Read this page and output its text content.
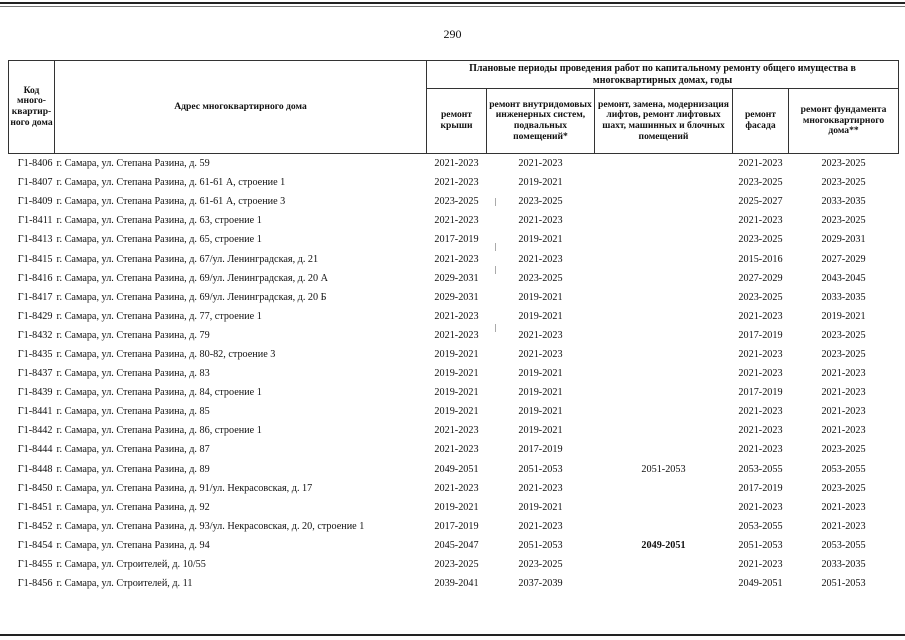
290
Код много-квартир-ного дома	Адрес многоквартирного дома	Плановые периоды проведения работ по капитальному ремонту общего имущества в многоквартирных домах, годы				
		ремонт крыши	ремонт внутридомовых инженерных систем, подвальных помещений*	ремонт, замена, модернизация лифтов, ремонт лифтовых шахт, машинных и блочных помещений	ремонт фасада	ремонт фундамента многоквартирного дома**
Г1-8406	г. Самара, ул. Степана Разина, д. 59	2021-2023	2021-2023		2021-2023	2023-2025
Г1-8407	г. Самара, ул. Степана Разина, д. 61-61 А, строение 1	2021-2023	2019-2021		2023-2025	2023-2025
Г1-8409	г. Самара, ул. Степана Разина, д. 61-61 А, строение 3	2023-2025	2023-2025		2025-2027	2033-2035
Г1-8411	г. Самара, ул. Степана Разина, д. 63, строение 1	2021-2023	2021-2023		2021-2023	2023-2025
Г1-8413	г. Самара, ул. Степана Разина, д. 65, строение 1	2017-2019	2019-2021		2023-2025	2029-2031
Г1-8415	г. Самара, ул. Степана Разина, д. 67/ул. Ленинградская, д. 21	2021-2023	2021-2023		2015-2016	2027-2029
Г1-8416	г. Самара, ул. Степана Разина, д. 69/ул. Ленинградская, д. 20 А	2029-2031	2023-2025		2027-2029	2043-2045
Г1-8417	г. Самара, ул. Степана Разина, д. 69/ул. Ленинградская, д. 20 Б	2029-2031	2019-2021		2023-2025	2033-2035
Г1-8429	г. Самара, ул. Степана Разина, д. 77, строение 1	2021-2023	2019-2021		2021-2023	2019-2021
Г1-8432	г. Самара, ул. Степана Разина, д. 79	2021-2023	2021-2023		2017-2019	2023-2025
Г1-8435	г. Самара, ул. Степана Разина, д. 80-82, строение 3	2019-2021	2021-2023		2021-2023	2023-2025
Г1-8437	г. Самара, ул. Степана Разина, д. 83	2019-2021	2019-2021		2021-2023	2021-2023
Г1-8439	г. Самара, ул. Степана Разина, д. 84, строение 1	2019-2021	2019-2021		2017-2019	2021-2023
Г1-8441	г. Самара, ул. Степана Разина, д. 85	2019-2021	2019-2021		2021-2023	2021-2023
Г1-8442	г. Самара, ул. Степана Разина, д. 86, строение 1	2021-2023	2019-2021		2021-2023	2021-2023
Г1-8444	г. Самара, ул. Степана Разина, д. 87	2021-2023	2017-2019		2021-2023	2023-2025
Г1-8448	г. Самара, ул. Степана Разина, д. 89	2049-2051	2051-2053	2051-2053	2053-2055	2053-2055
Г1-8450	г. Самара, ул. Степана Разина, д. 91/ул. Некрасовская, д. 17	2021-2023	2021-2023		2017-2019	2023-2025
Г1-8451	г. Самара, ул. Степана Разина, д. 92	2019-2021	2019-2021		2021-2023	2021-2023
Г1-8452	г. Самара, ул. Степана Разина, д. 93/ул. Некрасовская, д. 20, строение 1	2017-2019	2021-2023		2053-2055	2021-2023
Г1-8454	г. Самара, ул. Степана Разина, д. 94	2045-2047	2051-2053	2049-2051	2051-2053	2053-2055
Г1-8455	г. Самара, ул. Строителей, д. 10/55	2023-2025	2023-2025		2021-2023	2033-2035
Г1-8456	г. Самара, ул. Строителей, д. 11	2039-2041	2037-2039		2049-2051	2051-2053
